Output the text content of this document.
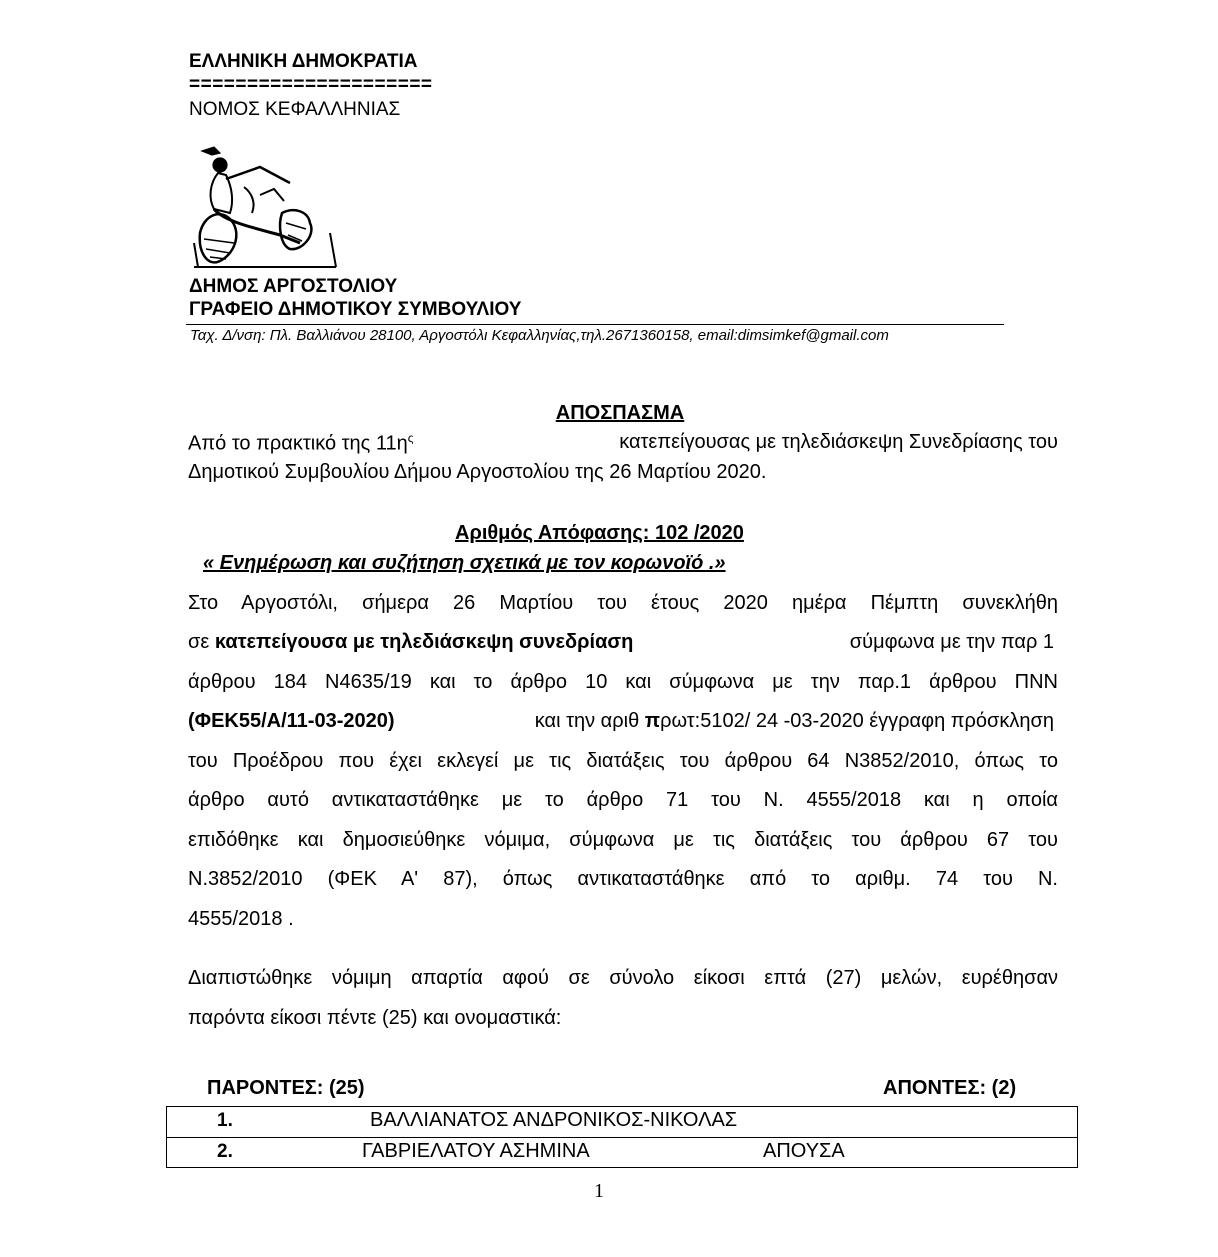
ΕΛΛΗΝΙΚΗ ΔΗΜΟΚΡΑΤΙΑ
=====================
ΝΟΜΟΣ ΚΕΦΑΛΛΗΝΙΑΣ
ΔΗΜΟΣ ΑΡΓΟΣΤΟΛΙΟΥ
ΓΡΑΦΕΙΟ ΔΗΜΟΤΙΚΟΥ ΣΥΜΒΟΥΛΙΟΥ
Ταχ. Δ/νση: Πλ. Βαλλιάνου 28100, Αργοστόλι Κεφαλληνίας,τηλ.2671360158, email:dimsimkef@gmail.com
ΑΠΟΣΠΑΣΜΑ
Από το πρακτικό της $11\eta^\varsigma$	κατεπείγουσας με τηλεδιάσκεψη Συνεδρίασης του
Δημοτικού Συμβουλίου Δήμου Αργοστολίου της 26 Μαρτίου 2020.
Αριθμός Απόφασης: 102 /2020
« Ενημέρωση και συζήτηση σχετικά με τον κορωνοϊό .»
Στο Αργοστόλι, σήμερα 26 Μαρτίου του έτους 2020 ημέρα Πέμπτη συνεκλήθη
σε κατεπείγουσα με τηλεδιάσκεψη συνεδρίαση	σύμφωνα με την παρ 1
άρθρου 184 Ν4635/19 και το άρθρο 10 και σύμφωνα με την παρ.1 άρθρου ΠΝΝ
(ΦΕΚ55/Α/11-03-2020)	και την αριθ πρωτ:5102/ 24 -03-2020 έγγραφη πρόσκληση
του Προέδρου που έχει εκλεγεί με τις διατάξεις του άρθρου 64 Ν3852/2010, όπως το
άρθρο αυτό αντικαταστάθηκε με το άρθρο 71 του Ν. 4555/2018 και η οποία
επιδόθηκε και δημοσιεύθηκε νόμιμα, σύμφωνα με τις διατάξεις του άρθρου 67 του
Ν.3852/2010 (ΦΕΚ Α' 87), όπως αντικαταστάθηκε από το αριθμ. 74 του Ν.
4555/2018 .
Διαπιστώθηκε νόμιμη απαρτία αφού σε σύνολο είκοσι επτά (27) μελών, ευρέθησαν
παρόντα είκοσι πέντε (25) και ονομαστικά:
ΠΑΡΟΝΤΕΣ: (25)	ΑΠΟΝΤΕΣ: (2)
1.	ΒΑΛΛΙΑΝΑΤΟΣ ΑΝΔΡΟΝΙΚΟΣ-ΝΙΚΟΛΑΣ
2.	ΓΑΒΡΙΕΛΑΤΟΥ ΑΣΗΜΙΝΑ	ΑΠΟΥΣΑ
1
